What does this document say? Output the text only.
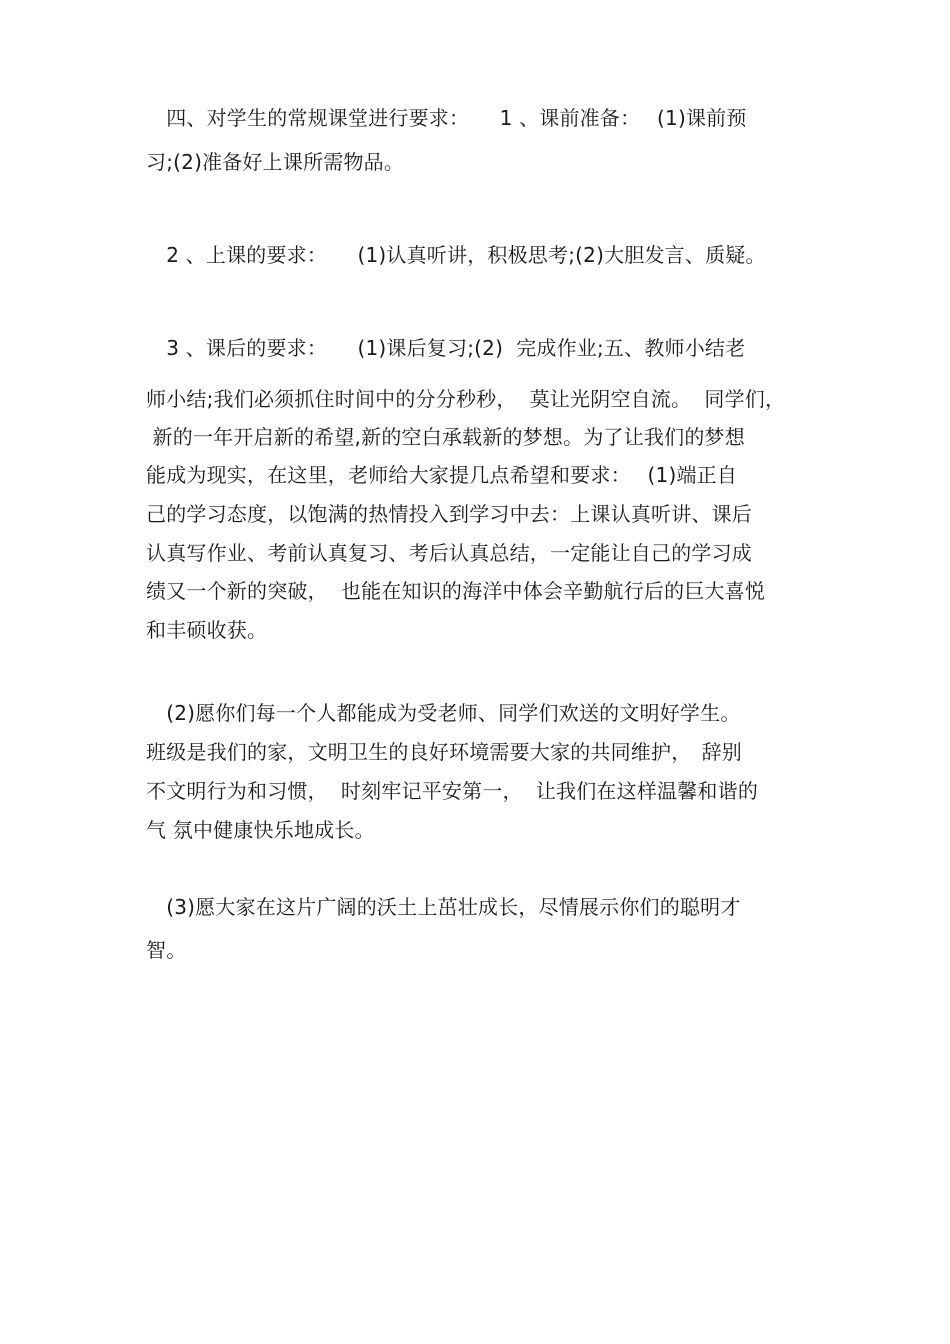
　四、对学生的常规课堂进行要求：　　1 、课前准备：　 (1)课前预
习;(2)准备好上课所需物品。
　2 、上课的要求：　　(1)认真听讲，积极思考;(2)大胆发言、质疑。
　3 、课后的要求：　　(1)课后复习;(2)  完成作业;五、教师小结老
师小结;我们必须抓住时间中的分分秒秒，  莫让光阴空自流。  同学们，
新的一年开启新的希望,新的空白承载新的梦想。为了让我们的梦想
能成为现实，在这里，老师给大家提几点希望和要求：　 (1)端正自
己的学习态度，以饱满的热情投入到学习中去：上课认真听讲、课后
认真写作业、考前认真复习、考后认真总结，一定能让自己的学习成
绩又一个新的突破，  也能在知识的海洋中体会辛勤航行后的巨大喜悦
和丰硕收获。
　(2)愿你们每一个人都能成为受老师、同学们欢送的文明好学生。
班级是我们的家，文明卫生的良好环境需要大家的共同维护，　辞别
不文明行为和习惯，  时刻牢记平安第一，  让我们在这样温馨和谐的
气 氛中健康快乐地成长。
　(3)愿大家在这片广阔的沃土上茁壮成长，尽情展示你们的聪明才
智。
